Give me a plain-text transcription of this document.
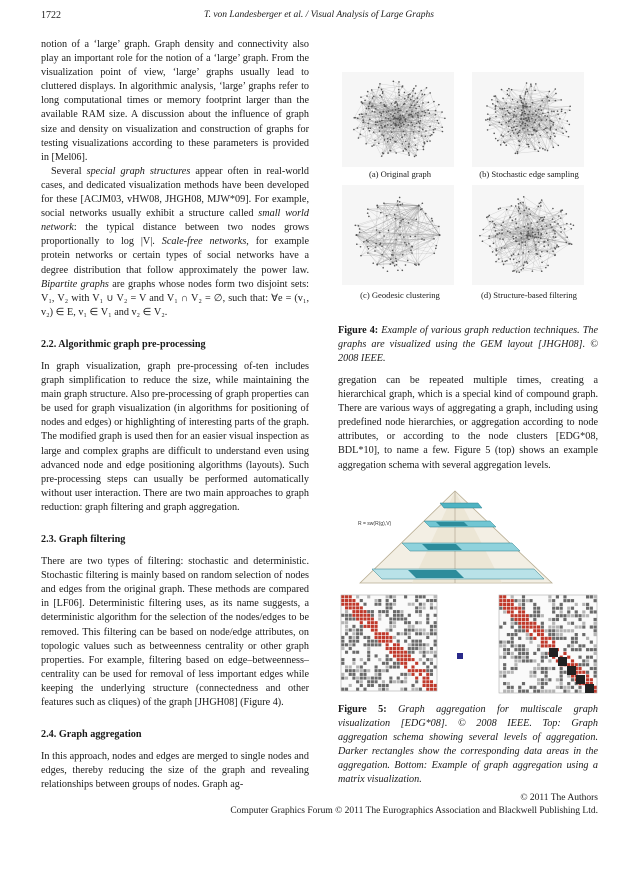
1722	T. von Landesberger et al. / Visual Analysis of Large Graphs

notion of a ‘large’ graph. Graph density and connectivity also play an important role for the notion of a ‘large’ graph. From the visualization point of view, ‘large’ graphs usually lead to cluttered displays. In algorithmic analysis, ‘large’ graphs refer to long computational times or memory footprint larger than the available RAM size. A discussion about the influence of graph size and density on visualization and construction of graphs for testing visualizations according to these parameters is provided in [Mel06].

Several special graph structures appear often in real-world cases, and dedicated visualization methods have been developed for these [ACJM03, vHW08, JHGH08, MJW*09]. For example, social networks usually exhibit a structure called small world network: the typical distance between two nodes grows proportionally to log |V|. Scale-free networks, for example protein networks or certain types of social networks have a degree distribution that follow approximately the power law. Bipartite graphs are graphs whose nodes form two disjoint sets: V₁, V₂ with V₁ ∪ V₂ = V and V₁ ∩ V₂ = ∅, such that: ∀e = (v₁, v₂) ∈ E, v₁ ∈ V₁ and v₂ ∈ V₂.

2.2. Algorithmic graph pre-processing

In graph visualization, graph pre-processing of-ten includes graph simplification to reduce the size, while maintaining the main graph structure. Also pre-processing of graph properties can be used for graph visualization (in algorithms for positioning of nodes and edges) or highlighting of interesting parts of the graph. The modified graph is used then for an easier visual inspection as large and complex graphs are difficult to understand even using advanced node and edge positioning algorithms (layouts). Such pre-processing steps can usually be performed automatically without user interaction. There are two main approaches to graph reduction: graph filtering and graph aggregation.

2.3. Graph filtering

There are two types of filtering: stochastic and deterministic. Stochastic filtering is mainly based on random selection of nodes and edges from the original graph. These methods are compared in [LF06]. Deterministic filtering uses, as its name suggests, a deterministic algorithm for the selection of the nodes/edges to be removed. This filtering can be based on node/edge attributes, on topologic values such as betweenness centrality or other graph properties. For example, filtering based on edge–betweenness–centrality can be used for removal of less important edges while keeping the underlying structure (connectedness and other features such as cliques) of the graph [JHGH08] (Figure 4).

2.4. Graph aggregation

In this approach, nodes and edges are merged to single nodes and edges, thereby reducing the size of the graph and revealing relationships between groups of nodes. Graph ag-

(a) Original graph	(b) Stochastic edge sampling
(c) Geodesic clustering	(d) Structure-based filtering
Figure 4: Example of various graph reduction techniques. The graphs are visualized using the GEM layout [JHGH08]. © 2008 IEEE.
gregation can be repeated multiple times, creating a hierarchical graph, which is a special kind of compound graph. There are various ways of aggregating a graph, including using predefined node hierarchies, or aggregation according to node attributes, or according to the node clusters [EDG*08, BDL*10], to name a few. Figure 5 (top) shows an example aggregation schema with several aggregation levels.
R = sw(R(g),V)
Figure 5: Graph aggregation for multiscale graph visualization [EDG*08]. © 2008 IEEE. Top: Graph aggregation schema showing several levels of aggregation. Darker rectangles show the corresponding data areas in the aggregation. Bottom: Example of graph aggregation using a matrix visualization.
© 2011 The Authors
Computer Graphics Forum © 2011 The Eurographics Association and Blackwell Publishing Ltd.
